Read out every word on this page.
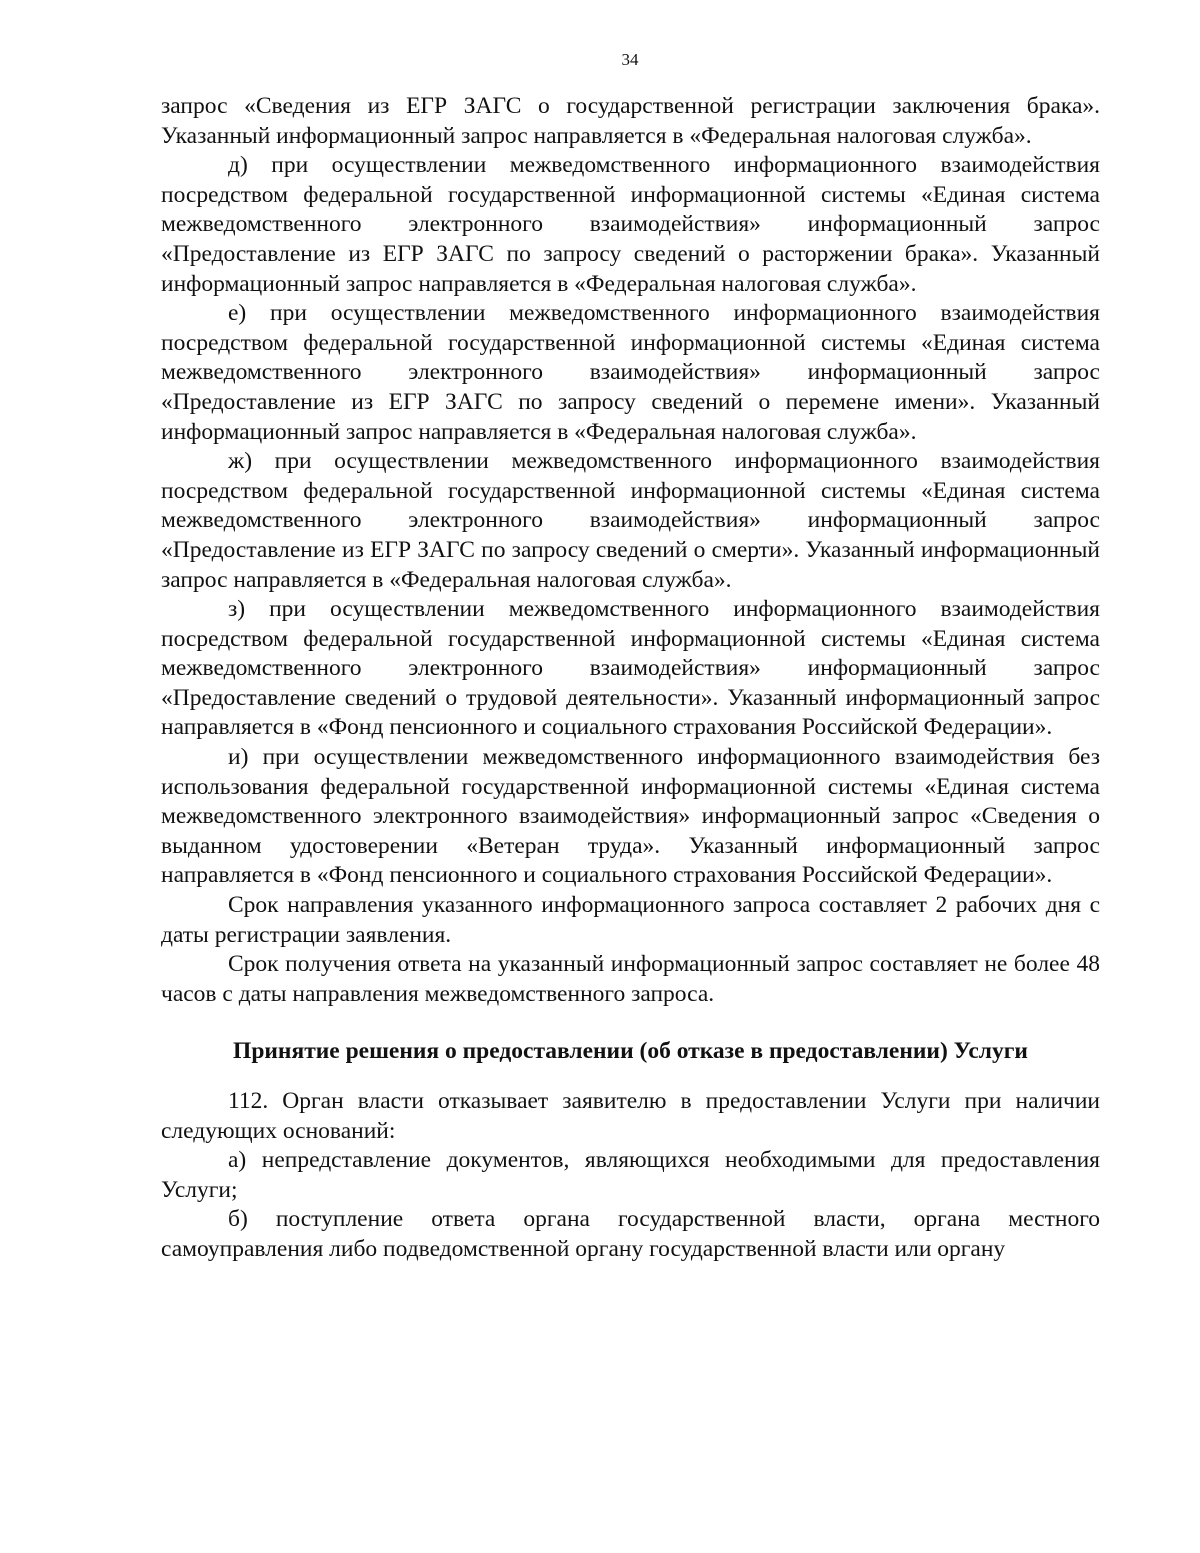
34

запрос «Сведения из ЕГР ЗАГС о государственной регистрации заключения брака». Указанный информационный запрос направляется в «Федеральная налоговая служба».

д) при осуществлении межведомственного информационного взаимодействия посредством федеральной государственной информационной системы «Единая система межведомственного электронного взаимодействия» информационный запрос «Предоставление из ЕГР ЗАГС по запросу сведений о расторжении брака». Указанный информационный запрос направляется в «Федеральная налоговая служба».

е) при осуществлении межведомственного информационного взаимодействия посредством федеральной государственной информационной системы «Единая система межведомственного электронного взаимодействия» информационный запрос «Предоставление из ЕГР ЗАГС по запросу сведений о перемене имени». Указанный информационный запрос направляется в «Федеральная налоговая служба».

ж) при осуществлении межведомственного информационного взаимодействия посредством федеральной государственной информационной системы «Единая система межведомственного электронного взаимодействия» информационный запрос «Предоставление из ЕГР ЗАГС по запросу сведений о смерти». Указанный информационный запрос направляется в «Федеральная налоговая служба».

з) при осуществлении межведомственного информационного взаимодействия посредством федеральной государственной информационной системы «Единая система межведомственного электронного взаимодействия» информационный запрос «Предоставление сведений о трудовой деятельности». Указанный информационный запрос направляется в «Фонд пенсионного и социального страхования Российской Федерации».

и) при осуществлении межведомственного информационного взаимодействия без использования федеральной государственной информационной системы «Единая система межведомственного электронного взаимодействия» информационный запрос «Сведения о выданном удостоверении «Ветеран труда». Указанный информационный запрос направляется в «Фонд пенсионного и социального страхования Российской Федерации».

Срок направления указанного информационного запроса составляет 2 рабочих дня с даты регистрации заявления.

Срок получения ответа на указанный информационный запрос составляет не более 48 часов с даты направления межведомственного запроса.

Принятие решения о предоставлении (об отказе в предоставлении) Услуги

112. Орган власти отказывает заявителю в предоставлении Услуги при наличии следующих оснований:

а) непредставление документов, являющихся необходимыми для предоставления Услуги;

б) поступление ответа органа государственной власти, органа местного самоуправления либо подведомственной органу государственной власти или органу
